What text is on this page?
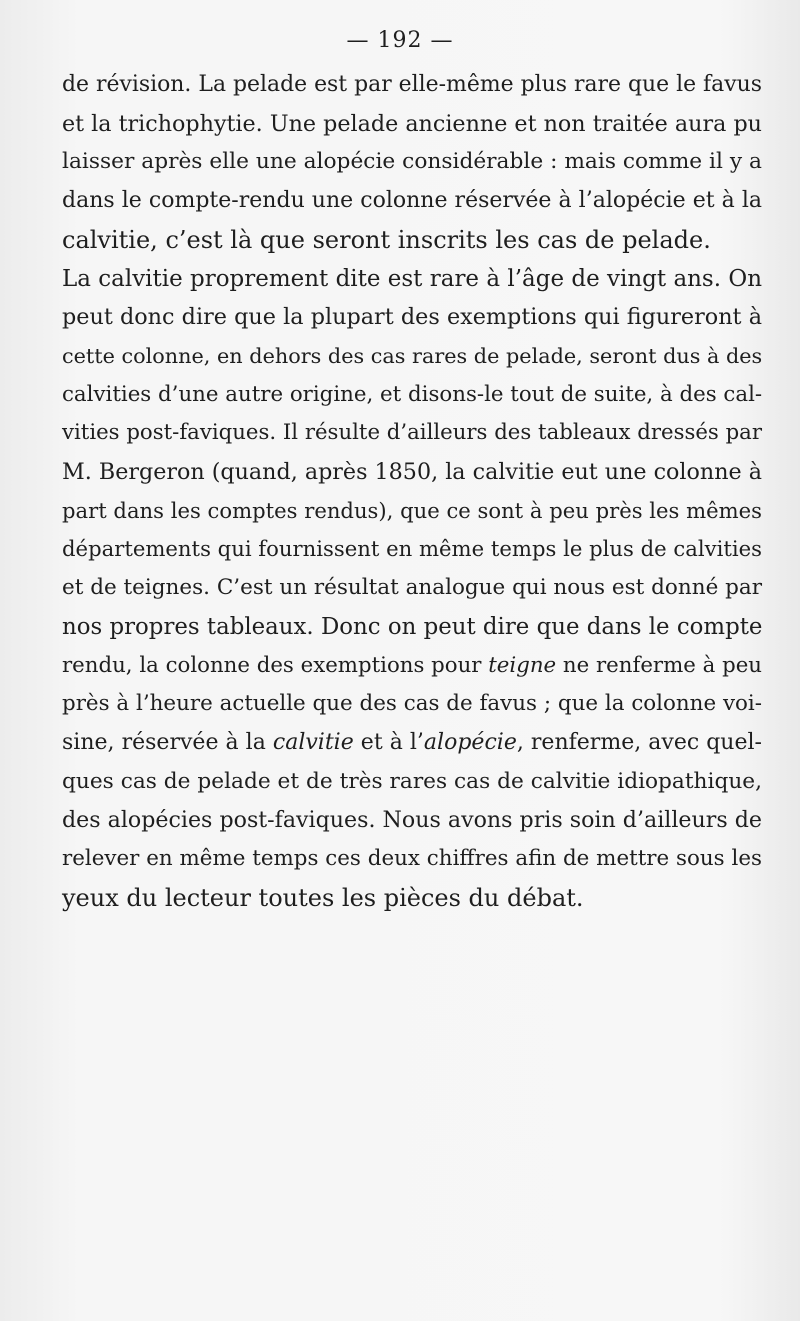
— 192 —
de révision. La pelade est par elle-même plus rare que le favus
et la trichophytie. Une pelade ancienne et non traitée aura pu
laisser après elle une alopécie considérable : mais comme il y a
dans le compte-rendu une colonne réservée à l’alopécie et à la
calvitie, c’est là que seront inscrits les cas de pelade.
La calvitie proprement dite est rare à l’âge de vingt ans. On
peut donc dire que la plupart des exemptions qui figureront à
cette colonne, en dehors des cas rares de pelade, seront dus à des
calvities d’une autre origine, et disons-le tout de suite, à des cal-
vities post-faviques. Il résulte d’ailleurs des tableaux dressés par
M. Bergeron (quand, après 1850, la calvitie eut une colonne à
part dans les comptes rendus), que ce sont à peu près les mêmes
départements qui fournissent en même temps le plus de calvities
et de teignes. C’est un résultat analogue qui nous est donné par
nos propres tableaux. Donc on peut dire que dans le compte
rendu, la colonne des exemptions pour teigne ne renferme à peu
près à l’heure actuelle que des cas de favus ; que la colonne voi-
sine, réservée à la calvitie et à l’alopécie, renferme, avec quel-
ques cas de pelade et de très rares cas de calvitie idiopathique,
des alopécies post-faviques. Nous avons pris soin d’ailleurs de
relever en même temps ces deux chiffres afin de mettre sous les
yeux du lecteur toutes les pièces du débat.
